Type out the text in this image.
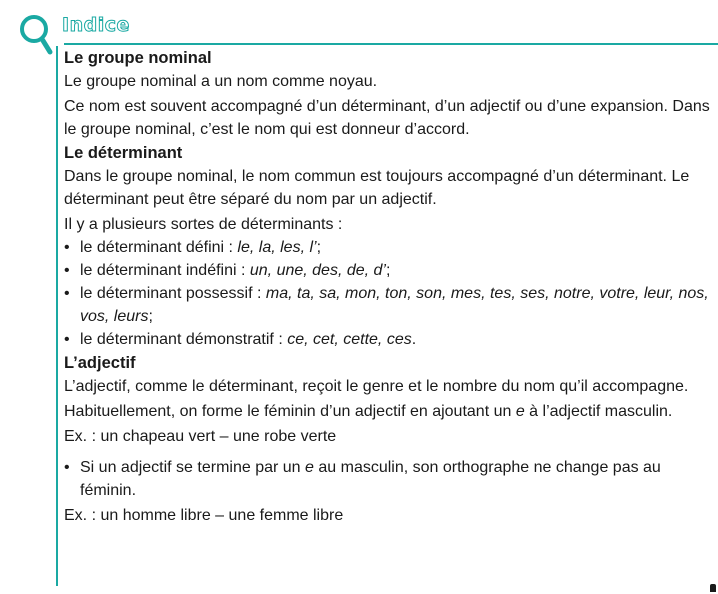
Indice

Le groupe nominal

Le groupe nominal a un nom comme noyau.

Ce nom est souvent accompagné d’un déterminant, d’un adjectif ou d’une expansion. Dans le groupe nominal, c’est le nom qui est donneur d’accord.

Le déterminant

Dans le groupe nominal, le nom commun est toujours accompagné d’un déterminant. Le déterminant peut être séparé du nom par un adjectif.

Il y a plusieurs sortes de déterminants :

• le déterminant défini : le, la, les, l’;
• le déterminant indéfini : un, une, des, de, d’;
• le déterminant possessif : ma, ta, sa, mon, ton, son, mes, tes, ses, notre, votre, leur, nos, vos, leurs;
• le déterminant démonstratif : ce, cet, cette, ces.

L’adjectif

L’adjectif, comme le déterminant, reçoit le genre et le nombre du nom qu’il accompagne.

Habituellement, on forme le féminin d’un adjectif en ajoutant un e à l’adjectif masculin.

Ex. : un chapeau vert – une robe verte

• Si un adjectif se termine par un e au masculin, son orthographe ne change pas au féminin.

Ex. : un homme libre – une femme libre
